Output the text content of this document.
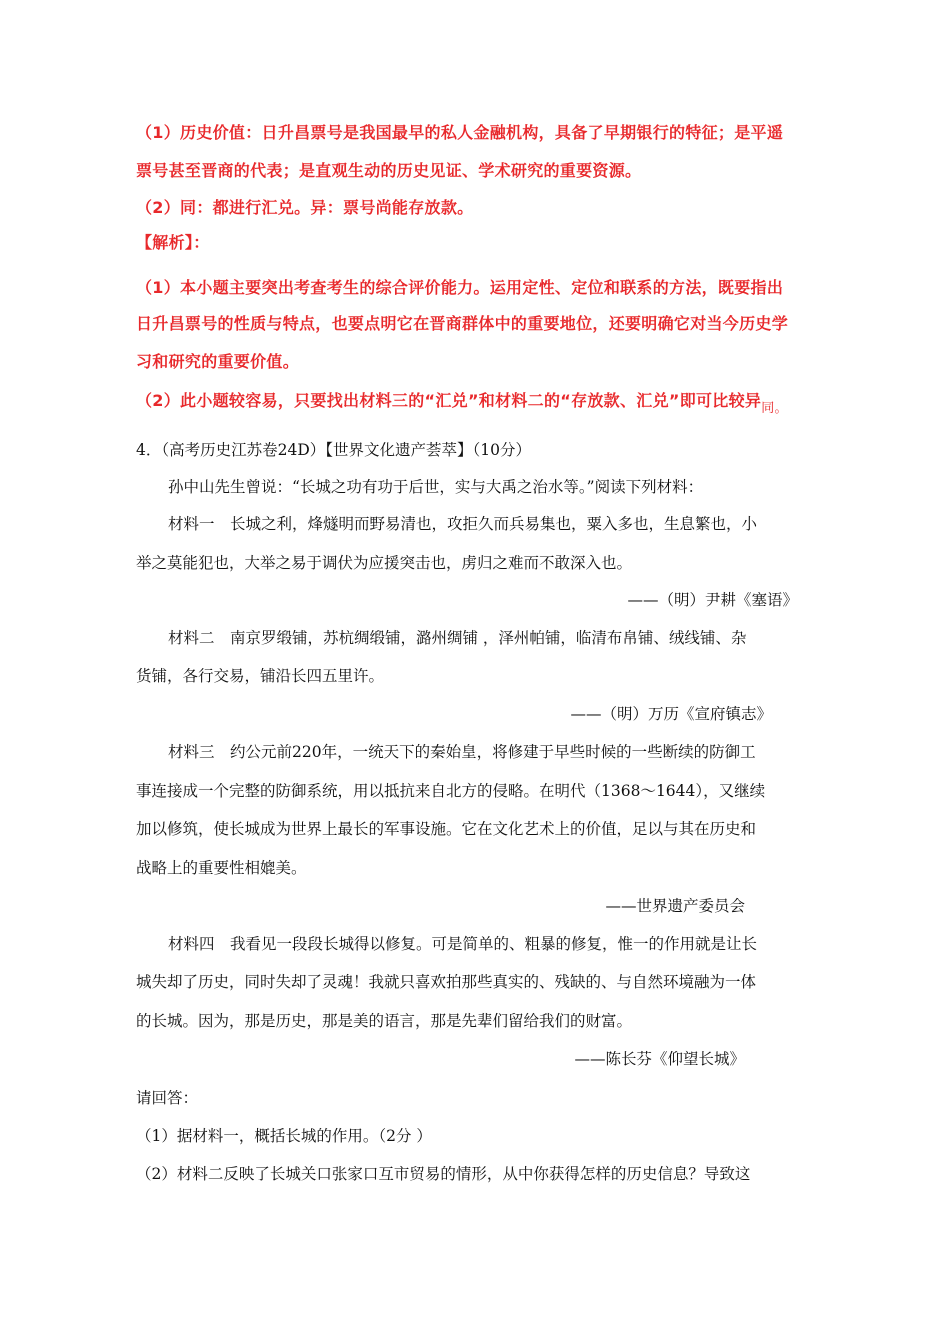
（1）历史价值：日升昌票号是我国最早的私人金融机构，具备了早期银行的特征；是平遥
票号甚至晋商的代表；是直观生动的历史见证、学术研究的重要资源。
（2）同：都进行汇兑。异：票号尚能存放款。
【解析】：
（1）本小题主要突出考查考生的综合评价能力。运用定性、定位和联系的方法，既要指出
日升昌票号的性质与特点，也要点明它在晋商群体中的重要地位，还要明确它对当今历史学
习和研究的重要价值。
（2）此小题较容易，只要找出材料三的“汇兑”和材料二的“存放款、汇兑”即可比较异$_{同。}$
4．（高考历史江苏卷24D）【世界文化遗产荟萃】（10分）
孙中山先生曾说：“长城之功有功于后世，实与大禹之治水等。”阅读下列材料：
材料一　长城之利，烽燧明而野易清也，攻拒久而兵易集也，粟入多也，生息繁也，小
举之莫能犯也，大举之易于调伏为应援突击也，虏归之难而不敢深入也。
——（明）尹耕《塞语》
材料二　南京罗缎铺，苏杭绸缎铺，潞州绸铺 ，泽州帕铺，临清布帛铺、绒线铺、杂
货铺，各行交易，铺沿长四五里许。
——（明）万历《宣府镇志》
材料三　约公元前220年，一统天下的秦始皇，将修建于早些时候的一些断续的防御工
事连接成一个完整的防御系统，用以抵抗来自北方的侵略。在明代（1368～1644），又继续
加以修筑，使长城成为世界上最长的军事设施。它在文化艺术上的价值，足以与其在历史和
战略上的重要性相媲美。
——世界遗产委员会
材料四　我看见一段段长城得以修复。可是简单的、粗暴的修复，惟一的作用就是让长
城失却了历史，同时失却了灵魂！我就只喜欢拍那些真实的、残缺的、与自然环境融为一体
的长城。因为，那是历史，那是美的语言，那是先辈们留给我们的财富。
——陈长芬《仰望长城》
请回答：
（1）据材料一，概括长城的作用。（2分 ）
（2）材料二反映了长城关口张家口互市贸易的情形，从中你获得怎样的历史信息？导致这
